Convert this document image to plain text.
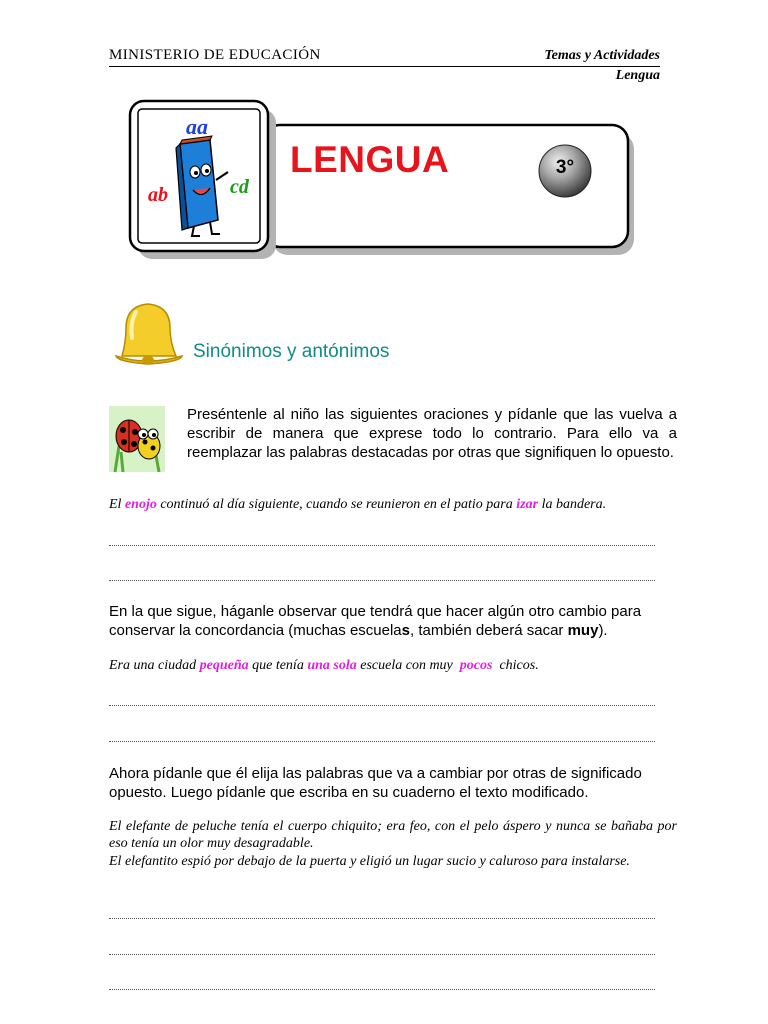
MINISTERIO DE EDUCACIÓN	Temas y Actividades
Lengua
aa
ab	cd
LENGUA	3°
Sinónimos y antónimos
Preséntenle al niño las siguientes oraciones y pídanle que las vuelva a escribir de manera que exprese todo lo contrario. Para ello va a reemplazar las palabras destacadas por otras que signifiquen lo opuesto.
El enojo continuó al día siguiente, cuando se reunieron en el patio para izar la bandera.
En la que sigue, háganle observar que tendrá que hacer algún otro cambio para conservar la concordancia (muchas escuelas, también deberá sacar muy).
Era una ciudad pequeña que tenía una sola escuela con muy  pocos  chicos.
Ahora pídanle que él elija las palabras que va a cambiar por otras de significado opuesto. Luego pídanle que escriba en su cuaderno el texto modificado.
El elefante de peluche tenía el cuerpo chiquito; era feo, con el pelo áspero y nunca se bañaba por eso tenía un olor muy desagradable.
El elefantito espió por debajo de la puerta y eligió un lugar sucio y caluroso para instalarse.
